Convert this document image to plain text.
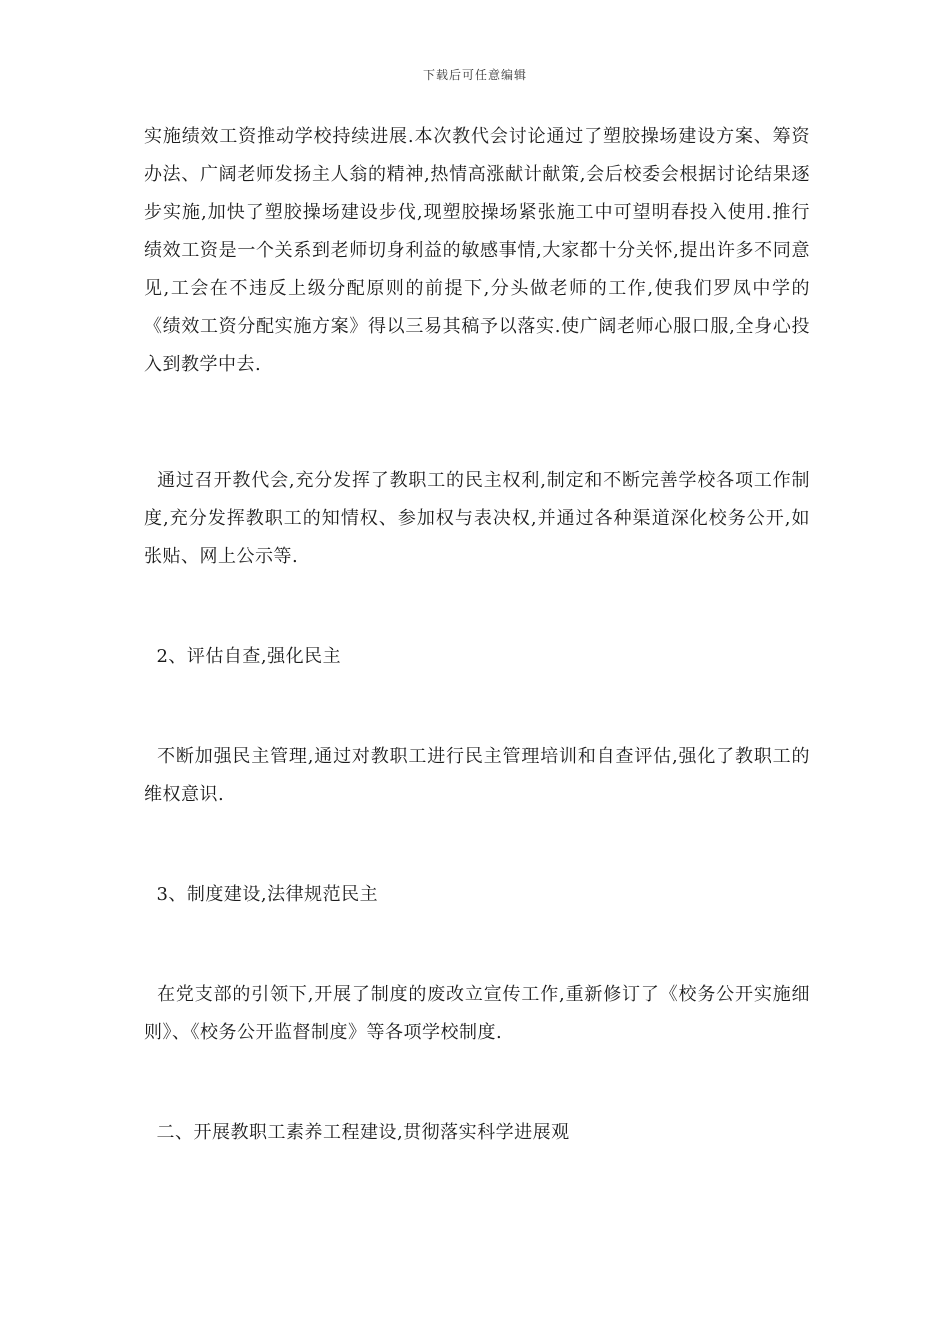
下载后可任意编辑

实施绩效工资推动学校持续进展.本次教代会讨论通过了塑胶操场建设方案、筹资办法、广阔老师发扬主人翁的精神,热情高涨献计献策,会后校委会根据讨论结果逐步实施,加快了塑胶操场建设步伐,现塑胶操场紧张施工中可望明春投入使用.推行绩效工资是一个关系到老师切身利益的敏感事情,大家都十分关怀,提出许多不同意见,工会在不违反上级分配原则的前提下,分头做老师的工作,使我们罗凤中学的《绩效工资分配实施方案》得以三易其稿予以落实.使广阔老师心服口服,全身心投入到教学中去.

通过召开教代会,充分发挥了教职工的民主权利,制定和不断完善学校各项工作制度,充分发挥教职工的知情权、参加权与表决权,并通过各种渠道深化校务公开,如张贴、网上公示等.

2、评估自查,强化民主

不断加强民主管理,通过对教职工进行民主管理培训和自查评估,强化了教职工的维权意识.

3、制度建设,法律规范民主

在党支部的引领下,开展了制度的废改立宣传工作,重新修订了《校务公开实施细则》、《校务公开监督制度》等各项学校制度.

二、开展教职工素养工程建设,贯彻落实科学进展观
